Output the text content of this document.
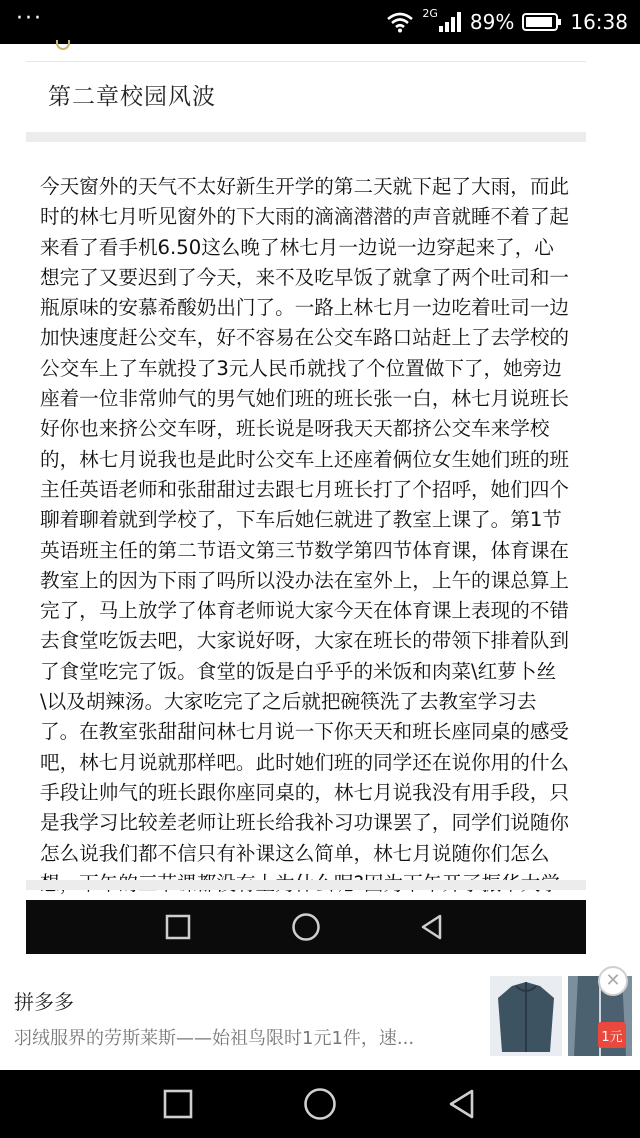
···	2G 89%	16:38
第二章校园风波
今天窗外的天气不太好新生开学的第二天就下起了大雨，而此时的林七月听见窗外的下大雨的滴滴潜潜的声音就睡不着了起来看了看手机6.50这么晚了林七月一边说一边穿起来了，心想完了又要迟到了今天，来不及吃早饭了就拿了两个吐司和一瓶原味的安慕希酸奶出门了。一路上林七月一边吃着吐司一边加快速度赶公交车，好不容易在公交车路口站赶上了去学校的公交车上了车就投了3元人民币就找了个位置做下了，她旁边座着一位非常帅气的男气她们班的班长张一白，林七月说班长好你也来挤公交车呀，班长说是呀我天天都挤公交车来学校的，林七月说我也是此时公交车上还座着俩位女生她们班的班主任英语老师和张甜甜过去跟七月班长打了个招呼，她们四个聊着聊着就到学校了，下车后她仨就进了教室上课了。第1节英语班主任的第二节语文第三节数学第四节体育课，体育课在教室上的因为下雨了吗所以没办法在室外上，上午的课总算上完了，马上放学了体育老师说大家今天在体育课上表现的不错去食堂吃饭去吧，大家说好呀，大家在班长的带领下排着队到了食堂吃完了饭。食堂的饭是白乎乎的米饭和肉菜\红萝卜丝\以及胡辣汤。大家吃完了之后就把碗筷洗了去教室学习去了。在教室张甜甜问林七月说一下你天天和班长座同桌的感受吧，林七月说就那样吧。此时她们班的同学还在说你用的什么手段让帅气的班长跟你座同桌的，林七月说我没有用手段，只是我学习比较差老师让班长给我补习功课罢了，同学们说随你怎么说我们都不信只有补课这么简单，林七月说随你们怎么
拼多多
羽绒服界的劳斯莱斯——始祖鸟限时1元1件，速...	1元
✕
